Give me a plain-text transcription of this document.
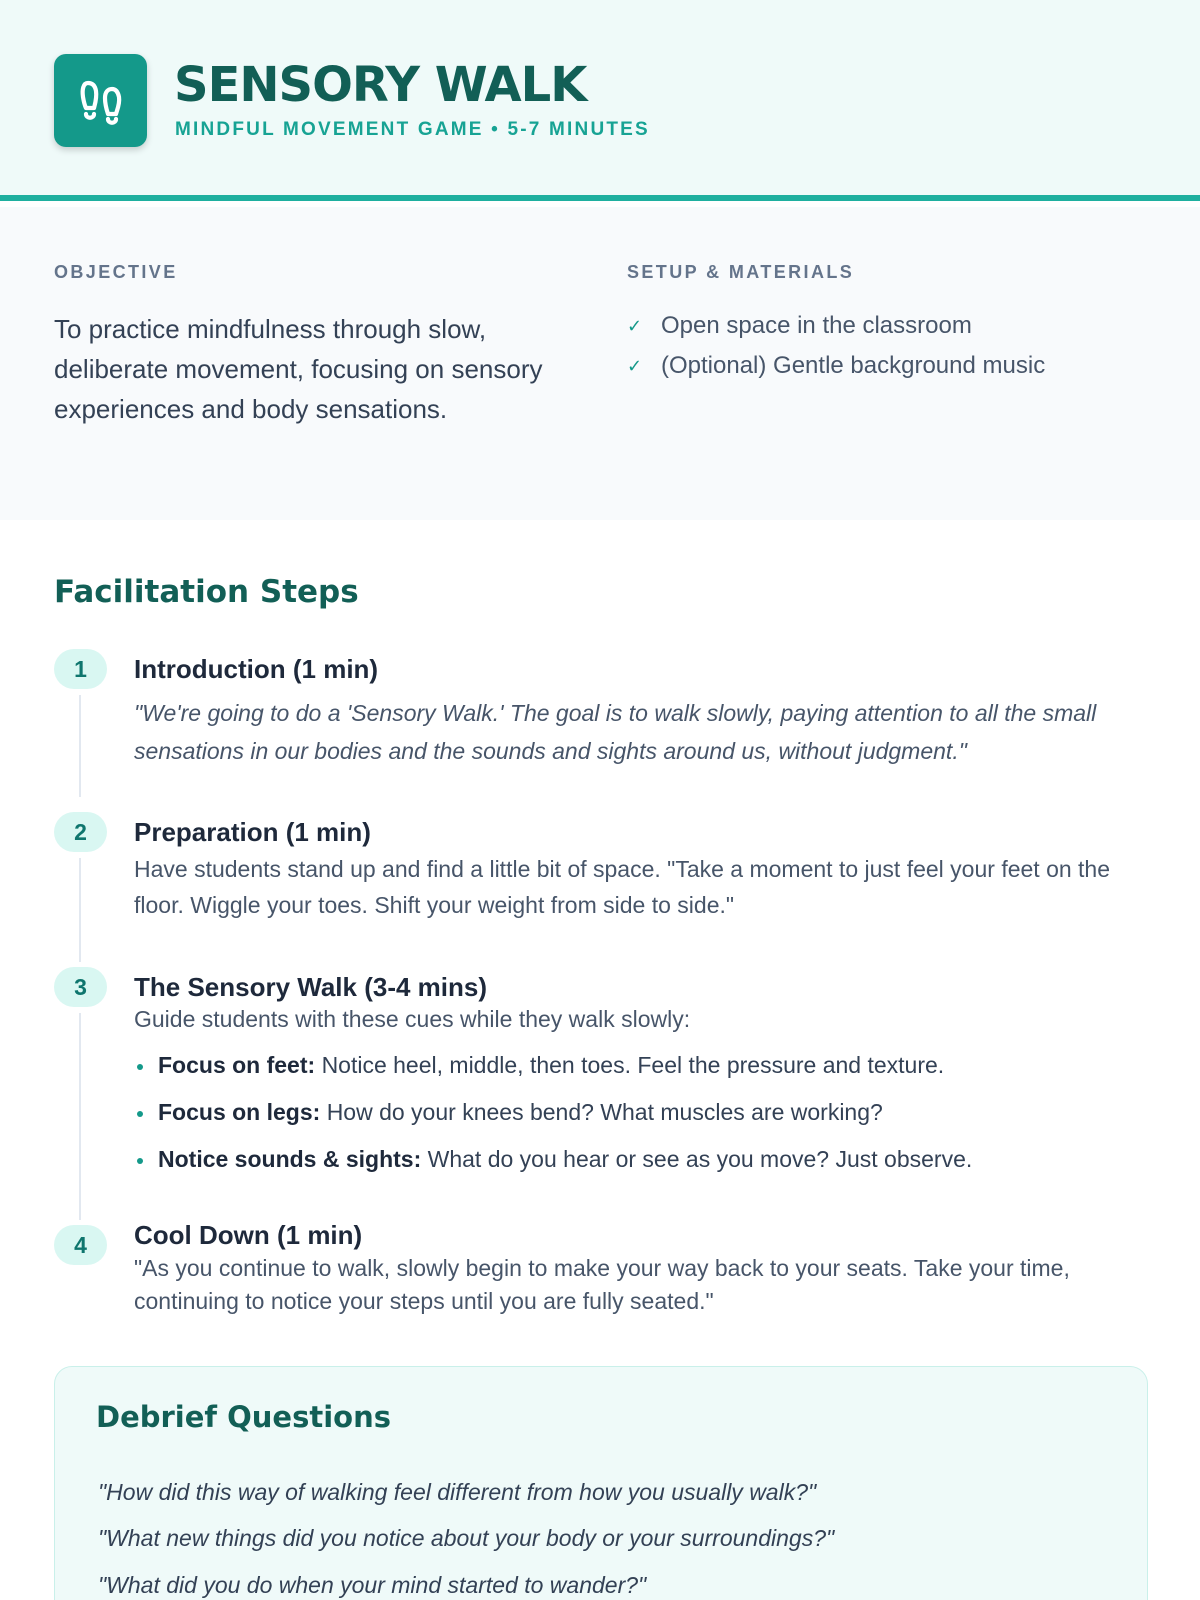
SENSORY WALK
MINDFUL MOVEMENT GAME • 5-7 MINUTES
OBJECTIVE
To practice mindfulness through slow, deliberate movement, focusing on sensory experiences and body sensations.
SETUP & MATERIALS
✓ Open space in the classroom
✓ (Optional) Gentle background music
Facilitation Steps
1	Introduction (1 min)
"We're going to do a 'Sensory Walk.' The goal is to walk slowly, paying attention to all the small sensations in our bodies and the sounds and sights around us, without judgment."
2	Preparation (1 min)
Have students stand up and find a little bit of space. "Take a moment to just feel your feet on the floor. Wiggle your toes. Shift your weight from side to side."
3	The Sensory Walk (3-4 mins)
Guide students with these cues while they walk slowly:
Focus on feet: Notice heel, middle, then toes. Feel the pressure and texture.
Focus on legs: How do your knees bend? What muscles are working?
Notice sounds & sights: What do you hear or see as you move? Just observe.
4	Cool Down (1 min)
"As you continue to walk, slowly begin to make your way back to your seats. Take your time, continuing to notice your steps until you are fully seated."
Debrief Questions
"How did this way of walking feel different from how you usually walk?"
"What new things did you notice about your body or your surroundings?"
"What did you do when your mind started to wander?"
